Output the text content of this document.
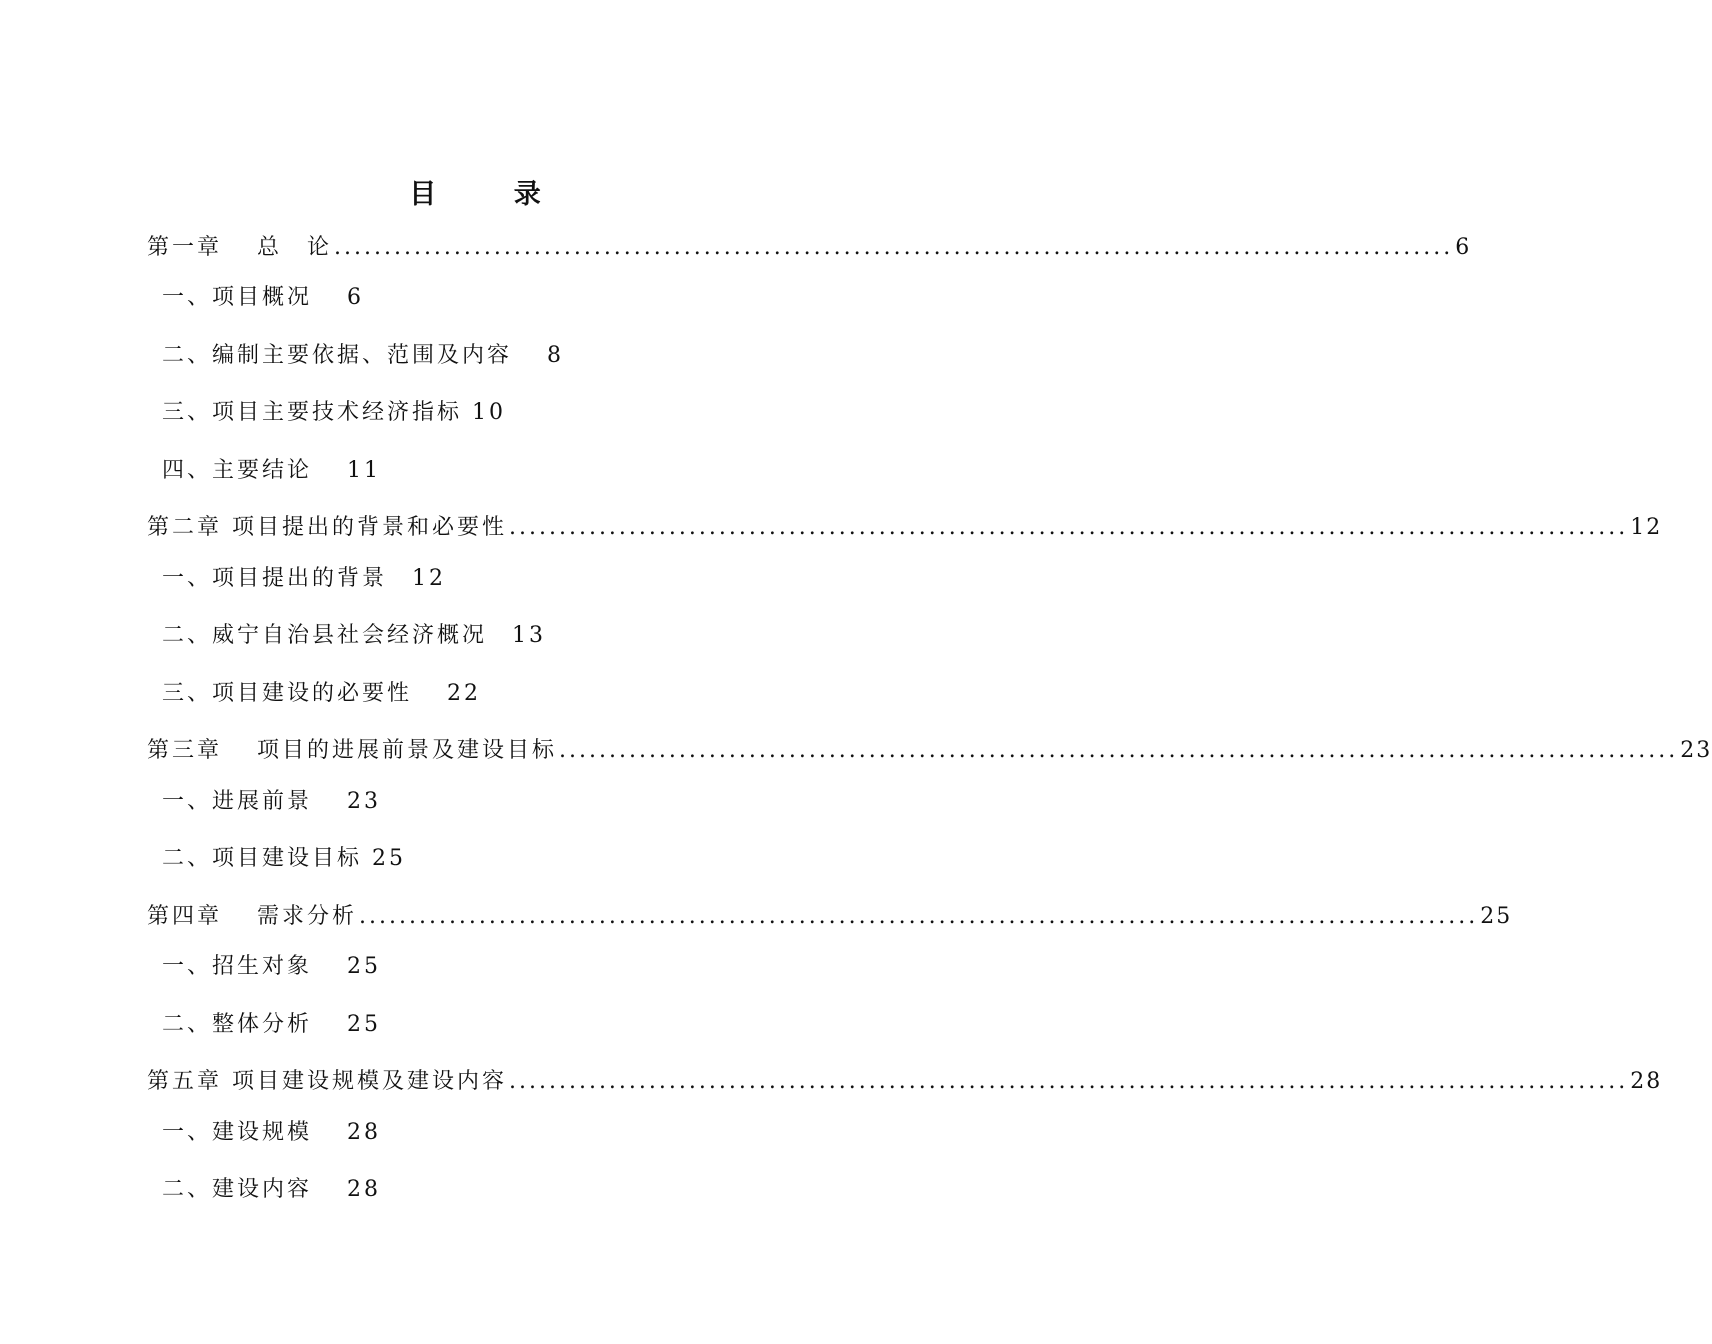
目 录
第一章　 总　论 ................................................................................................................ 6
一、项目概况　 6
二、编制主要依据、范围及内容　 8
三、项目主要技术经济指标 10
四、主要结论　 11
第二章 项目提出的背景和必要性 ................................................................................................................ 12
一、项目提出的背景　12
二、威宁自治县社会经济概况　13
三、项目建设的必要性　 22
第三章　 项目的进展前景及建设目标 ................................................................................................................ 23
一、进展前景　 23
二、项目建设目标 25
第四章　 需求分析 ................................................................................................................ 25
一、招生对象　 25
二、整体分析　 25
第五章 项目建设规模及建设内容 ................................................................................................................ 28
一、建设规模　 28
二、建设内容　 28
